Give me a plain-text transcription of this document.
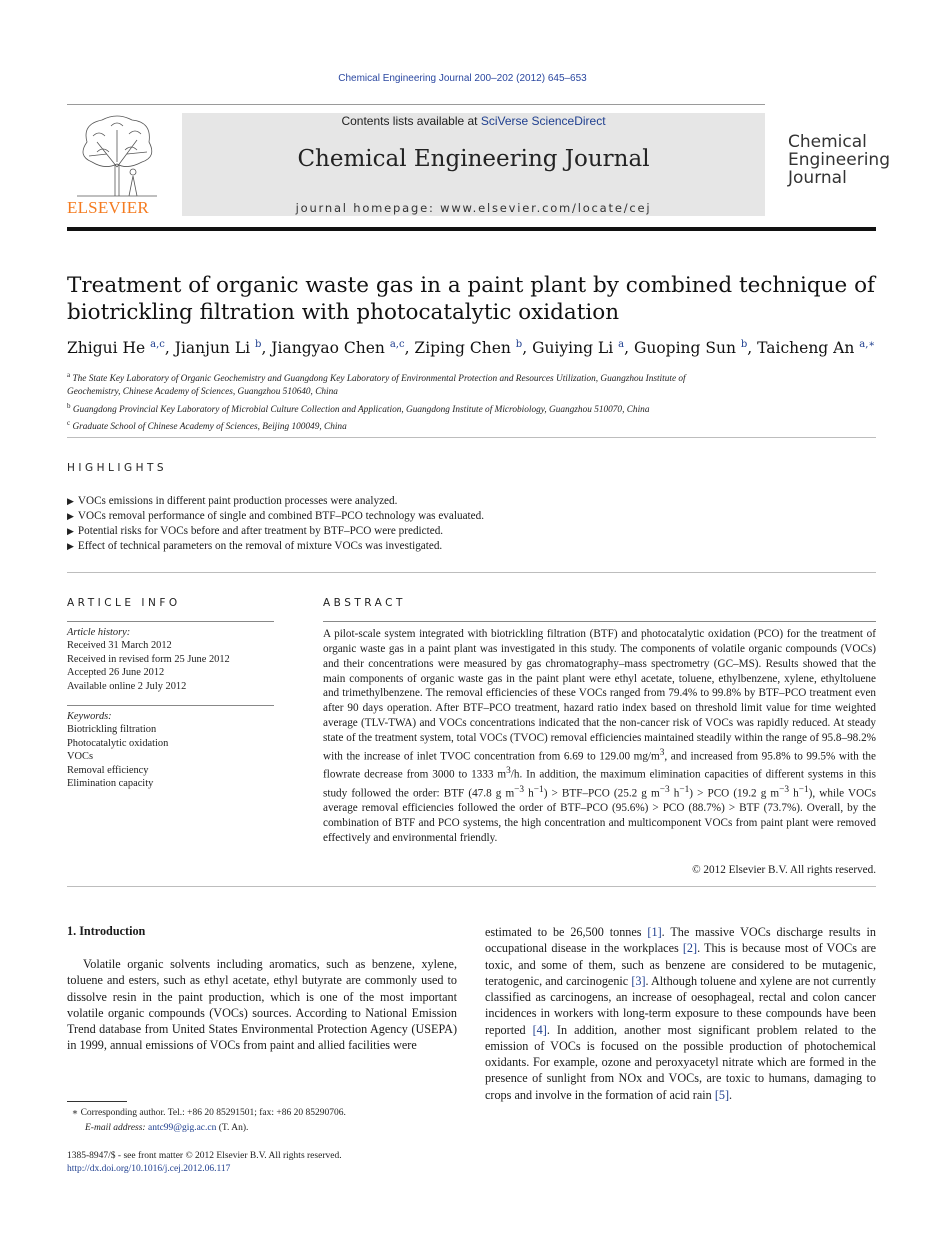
Chemical Engineering Journal 200–202 (2012) 645–653
ELSEVIER
Contents lists available at SciVerse ScienceDirect
Chemical Engineering Journal
journal homepage: www.elsevier.com/locate/cej
Chemical
Engineering
Journal
Treatment of organic waste gas in a paint plant by combined technique of
biotrickling filtration with photocatalytic oxidation
Zhigui He $^{a,c}$, Jianjun Li $^b$, Jiangyao Chen $^{a,c}$, Ziping Chen $^b$, Guiying Li $^a$, Guoping Sun $^b$, Taicheng An $^{a,∗}$

$^a$ The State Key Laboratory of Organic Geochemistry and Guangdong Key Laboratory of Environmental Protection and Resources Utilization, Guangzhou Institute of

Geochemistry, Chinese Academy of Sciences, Guangzhou 510640, China

$^b$ Guangdong Provincial Key Laboratory of Microbial Culture Collection and Application, Guangdong Institute of Microbiology, Guangzhou 510070, China

$^c$ Graduate School of Chinese Academy of Sciences, Beijing 100049, China

HIGHLIGHTS
▶ VOCs emissions in different paint production processes were analyzed.
▶ VOCs removal performance of single and combined BTF–PCO technology was evaluated.
▶ Potential risks for VOCs before and after treatment by BTF–PCO were predicted.
▶ Effect of technical parameters on the removal of mixture VOCs was investigated.
ARTICLE INFO
Article history:
Received 31 March 2012
Received in revised form 25 June 2012
Accepted 26 June 2012
Available online 2 July 2012
Keywords:
Biotrickling filtration
Photocatalytic oxidation
VOCs
Removal efficiency
Elimination capacity
ABSTRACT
A pilot-scale system integrated with biotrickling filtration (BTF) and photocatalytic oxidation (PCO) for the treatment of organic waste gas in a paint plant was investigated in this study. The components of volatile organic compounds (VOCs) and their concentrations were measured by gas chromatography–mass spectrometry (GC–MS). Results showed that the main components of organic waste gas in the paint plant were ethyl acetate, toluene, ethylbenzene, xylene, ethyltoluene and trimethylbenzene. The removal efficiencies of these VOCs ranged from 79.4% to 99.8% by BTF–PCO treatment even after 90 days operation. After BTF–PCO treatment, hazard ratio index based on threshold limit value for time weighted average (TLV-TWA) and VOCs concentrations indicated that the non-cancer risk of VOCs was rapidly reduced. At steady state of the treatment system, total VOCs (TVOC) removal efficiencies maintained steadily within the range of 95.8–98.2% with the increase of inlet TVOC concentration from 6.69 to 129.00 $mg/m^3$, and increased from 95.8% to 99.5% with the flowrate decrease from 3000 to 1333 $m^3/h$. In addition, the maximum elimination capacities of different systems in this study followed the order: BTF (47.8 g $m^{-3}$ $h^{-1}) > BTF-PCO$ (25.2 g $m^{-3}$ $h^{-1}$) > PCO (19.2 g $m^{-3}$ $h^{-1}$), while VOCs average removal efficiencies followed the order of BTF–PCO (95.6%) > PCO (88.7%) > BTF (73.7%). Overall, by the combination of BTF and PCO systems, the high concentration and multicomponent VOCs from paint plant were removed effectively and environmental friendly.
© 2012 Elsevier B.V. All rights reserved.
1. Introduction
Volatile organic solvents including aromatics, such as benzene, xylene, toluene and esters, such as ethyl acetate, ethyl butyrate are commonly used to dissolve resin in the paint production, which is one of the most important volatile organic compounds (VOCs) sources. According to National Emission Trend database from United States Environmental Protection Agency (USEPA) in 1999, annual emissions of VOCs from paint and allied facilities were
estimated to be 26,500 tonnes [1]. The massive VOCs discharge results in occupational disease in the workplaces [2]. This is because most of VOCs are toxic, and some of them, such as benzene are considered to be mutagenic, teratogenic, and carcinogenic [3]. Although toluene and xylene are not currently classified as carcinogens, an increase of oesophageal, rectal and colon cancer incidences in workers with long-term exposure to these compounds have been reported [4]. In addition, another most significant problem related to the emission of VOCs is focused on the possible production of photochemical oxidants. For example, ozone and peroxyacetyl nitrate which are formed in the presence of sunlight from NOx and VOCs, are toxic to humans, damaging to crops and involve in the formation of acid rain [5].
∗ Corresponding author. Tel.: +86 20 85291501; fax: +86 20 85290706.
E-mail address: antc99@gig.ac.cn (T. An).
1385-8947/$ - see front matter © 2012 Elsevier B.V. All rights reserved.
http://dx.doi.org/10.1016/j.cej.2012.06.117
